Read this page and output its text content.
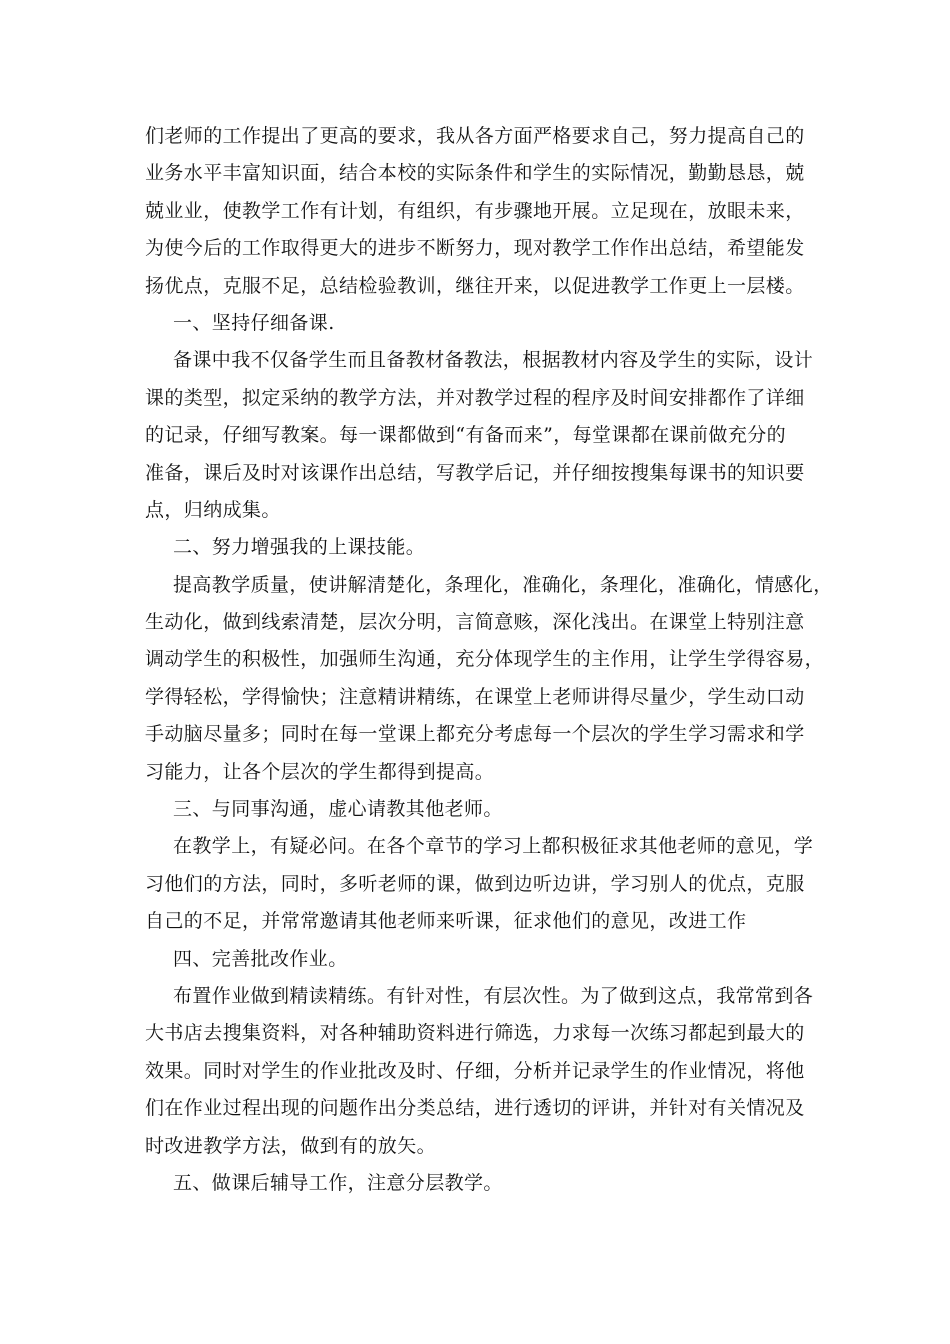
们老师的工作提出了更高的要求，我从各方面严格要求自己，努力提高自己的
业务水平丰富知识面，结合本校的实际条件和学生的实际情况，勤勤恳恳，兢
兢业业，使教学工作有计划，有组织，有步骤地开展。立足现在，放眼未来，
为使今后的工作取得更大的进步不断努力，现对教学工作作出总结，希望能发
扬优点，克服不足，总结检验教训，继往开来，以促进教学工作更上一层楼。
一、坚持仔细备课.
备课中我不仅备学生而且备教材备教法，根据教材内容及学生的实际，设计
课的类型，拟定采纳的教学方法，并对教学过程的程序及时间安排都作了详细
的记录，仔细写教案。每一课都做到“有备而来”，每堂课都在课前做充分的
准备，课后及时对该课作出总结，写教学后记，并仔细按搜集每课书的知识要
点，归纳成集。
二、努力增强我的上课技能。
提高教学质量，使讲解清楚化，条理化，准确化，条理化，准确化，情感化，
生动化，做到线索清楚，层次分明，言简意赅，深化浅出。在课堂上特别注意
调动学生的积极性，加强师生沟通，充分体现学生的主作用，让学生学得容易，
学得轻松，学得愉快；注意精讲精练，在课堂上老师讲得尽量少，学生动口动
手动脑尽量多；同时在每一堂课上都充分考虑每一个层次的学生学习需求和学
习能力，让各个层次的学生都得到提高。
三、与同事沟通，虚心请教其他老师。
在教学上，有疑必问。在各个章节的学习上都积极征求其他老师的意见，学
习他们的方法，同时，多听老师的课，做到边听边讲，学习别人的优点，克服
自己的不足，并常常邀请其他老师来听课，征求他们的意见，改进工作
四、完善批改作业。
布置作业做到精读精练。有针对性，有层次性。为了做到这点，我常常到各
大书店去搜集资料，对各种辅助资料进行筛选，力求每一次练习都起到最大的
效果。同时对学生的作业批改及时、仔细，分析并记录学生的作业情况，将他
们在作业过程出现的问题作出分类总结，进行透切的评讲，并针对有关情况及
时改进教学方法，做到有的放矢。
五、做课后辅导工作，注意分层教学。
